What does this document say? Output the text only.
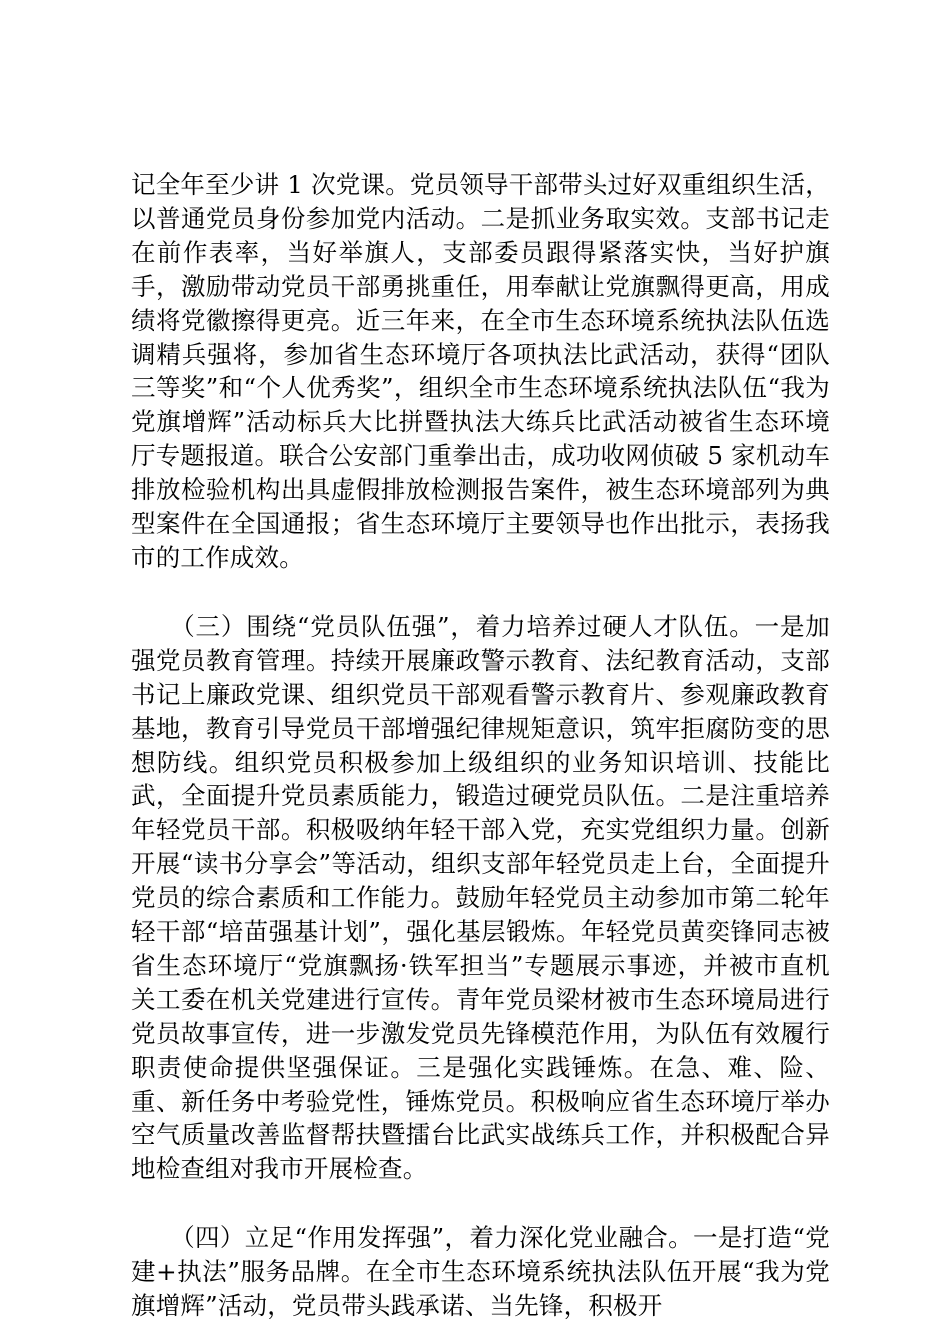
记全年至少讲 1 次党课。党员领导干部带头过好双重组织生活，以普通党员身份参加党内活动。二是抓业务取实效。支部书记走在前作表率，当好举旗人，支部委员跟得紧落实快，当好护旗手，激励带动党员干部勇挑重任，用奉献让党旗飘得更高，用成绩将党徽擦得更亮。近三年来，在全市生态环境系统执法队伍选调精兵强将，参加省生态环境厅各项执法比武活动，获得“团队三等奖”和“个人优秀奖”，组织全市生态环境系统执法队伍“我为党旗增辉”活动标兵大比拼暨执法大练兵比武活动被省生态环境厅专题报道。联合公安部门重拳出击，成功收网侦破 5 家机动车排放检验机构出具虚假排放检测报告案件，被生态环境部列为典型案件在全国通报；省生态环境厅主要领导也作出批示，表扬我市的工作成效。

（三）围绕“党员队伍强”，着力培养过硬人才队伍。一是加强党员教育管理。持续开展廉政警示教育、法纪教育活动，支部书记上廉政党课、组织党员干部观看警示教育片、参观廉政教育基地，教育引导党员干部增强纪律规矩意识，筑牢拒腐防变的思想防线。组织党员积极参加上级组织的业务知识培训、技能比武，全面提升党员素质能力，锻造过硬党员队伍。二是注重培养年轻党员干部。积极吸纳年轻干部入党，充实党组织力量。创新开展“读书分享会”等活动，组织支部年轻党员走上台，全面提升党员的综合素质和工作能力。鼓励年轻党员主动参加市第二轮年轻干部“培苗强基计划”，强化基层锻炼。年轻党员黄奕锋同志被省生态环境厅“党旗飘扬·铁军担当”专题展示事迹，并被市直机关工委在机关党建进行宣传。青年党员梁材被市生态环境局进行党员故事宣传，进一步激发党员先锋模范作用，为队伍有效履行职责使命提供坚强保证。三是强化实践锤炼。在急、难、险、重、新任务中考验党性，锤炼党员。积极响应省生态环境厅举办空气质量改善监督帮扶暨擂台比武实战练兵工作，并积极配合异地检查组对我市开展检查。

（四）立足“作用发挥强”，着力深化党业融合。一是打造“党建+执法”服务品牌。在全市生态环境系统执法队伍开展“我为党旗增辉”活动，党员带头践承诺、当先锋，积极开
